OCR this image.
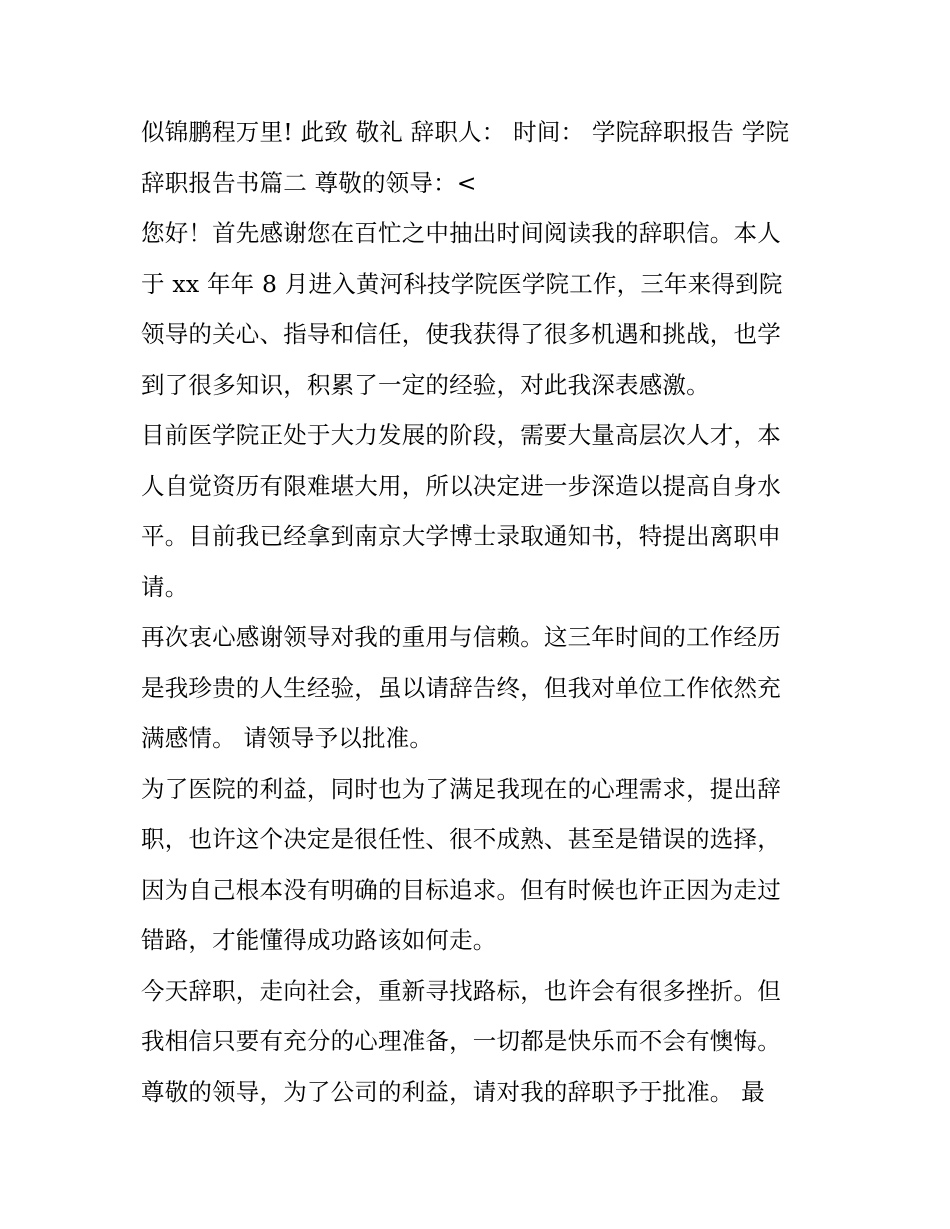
似锦鹏程万里! 此致 敬礼 辞职人： 时间： 学院辞职报告 学院
辞职报告书篇二 尊敬的领导：<

您好！首先感谢您在百忙之中抽出时间阅读我的辞职信。本人
于 xx 年年 8 月进入黄河科技学院医学院工作，三年来得到院
领导的关心、指导和信任，使我获得了很多机遇和挑战，也学
到了很多知识，积累了一定的经验，对此我深表感激。

目前医学院正处于大力发展的阶段，需要大量高层次人才，本
人自觉资历有限难堪大用，所以决定进一步深造以提高自身水
平。目前我已经拿到南京大学博士录取通知书，特提出离职申
请。

再次衷心感谢领导对我的重用与信赖。这三年时间的工作经历
是我珍贵的人生经验，虽以请辞告终，但我对单位工作依然充
满感情。 请领导予以批准。

为了医院的利益，同时也为了满足我现在的心理需求，提出辞
职，也许这个决定是很任性、很不成熟、甚至是错误的选择，
因为自己根本没有明确的目标追求。但有时候也许正因为走过
错路，才能懂得成功路该如何走。

今天辞职，走向社会，重新寻找路标，也许会有很多挫折。但
我相信只要有充分的心理准备，一切都是快乐而不会有懊悔。
尊敬的领导，为了公司的利益，请对我的辞职予于批准。 最
